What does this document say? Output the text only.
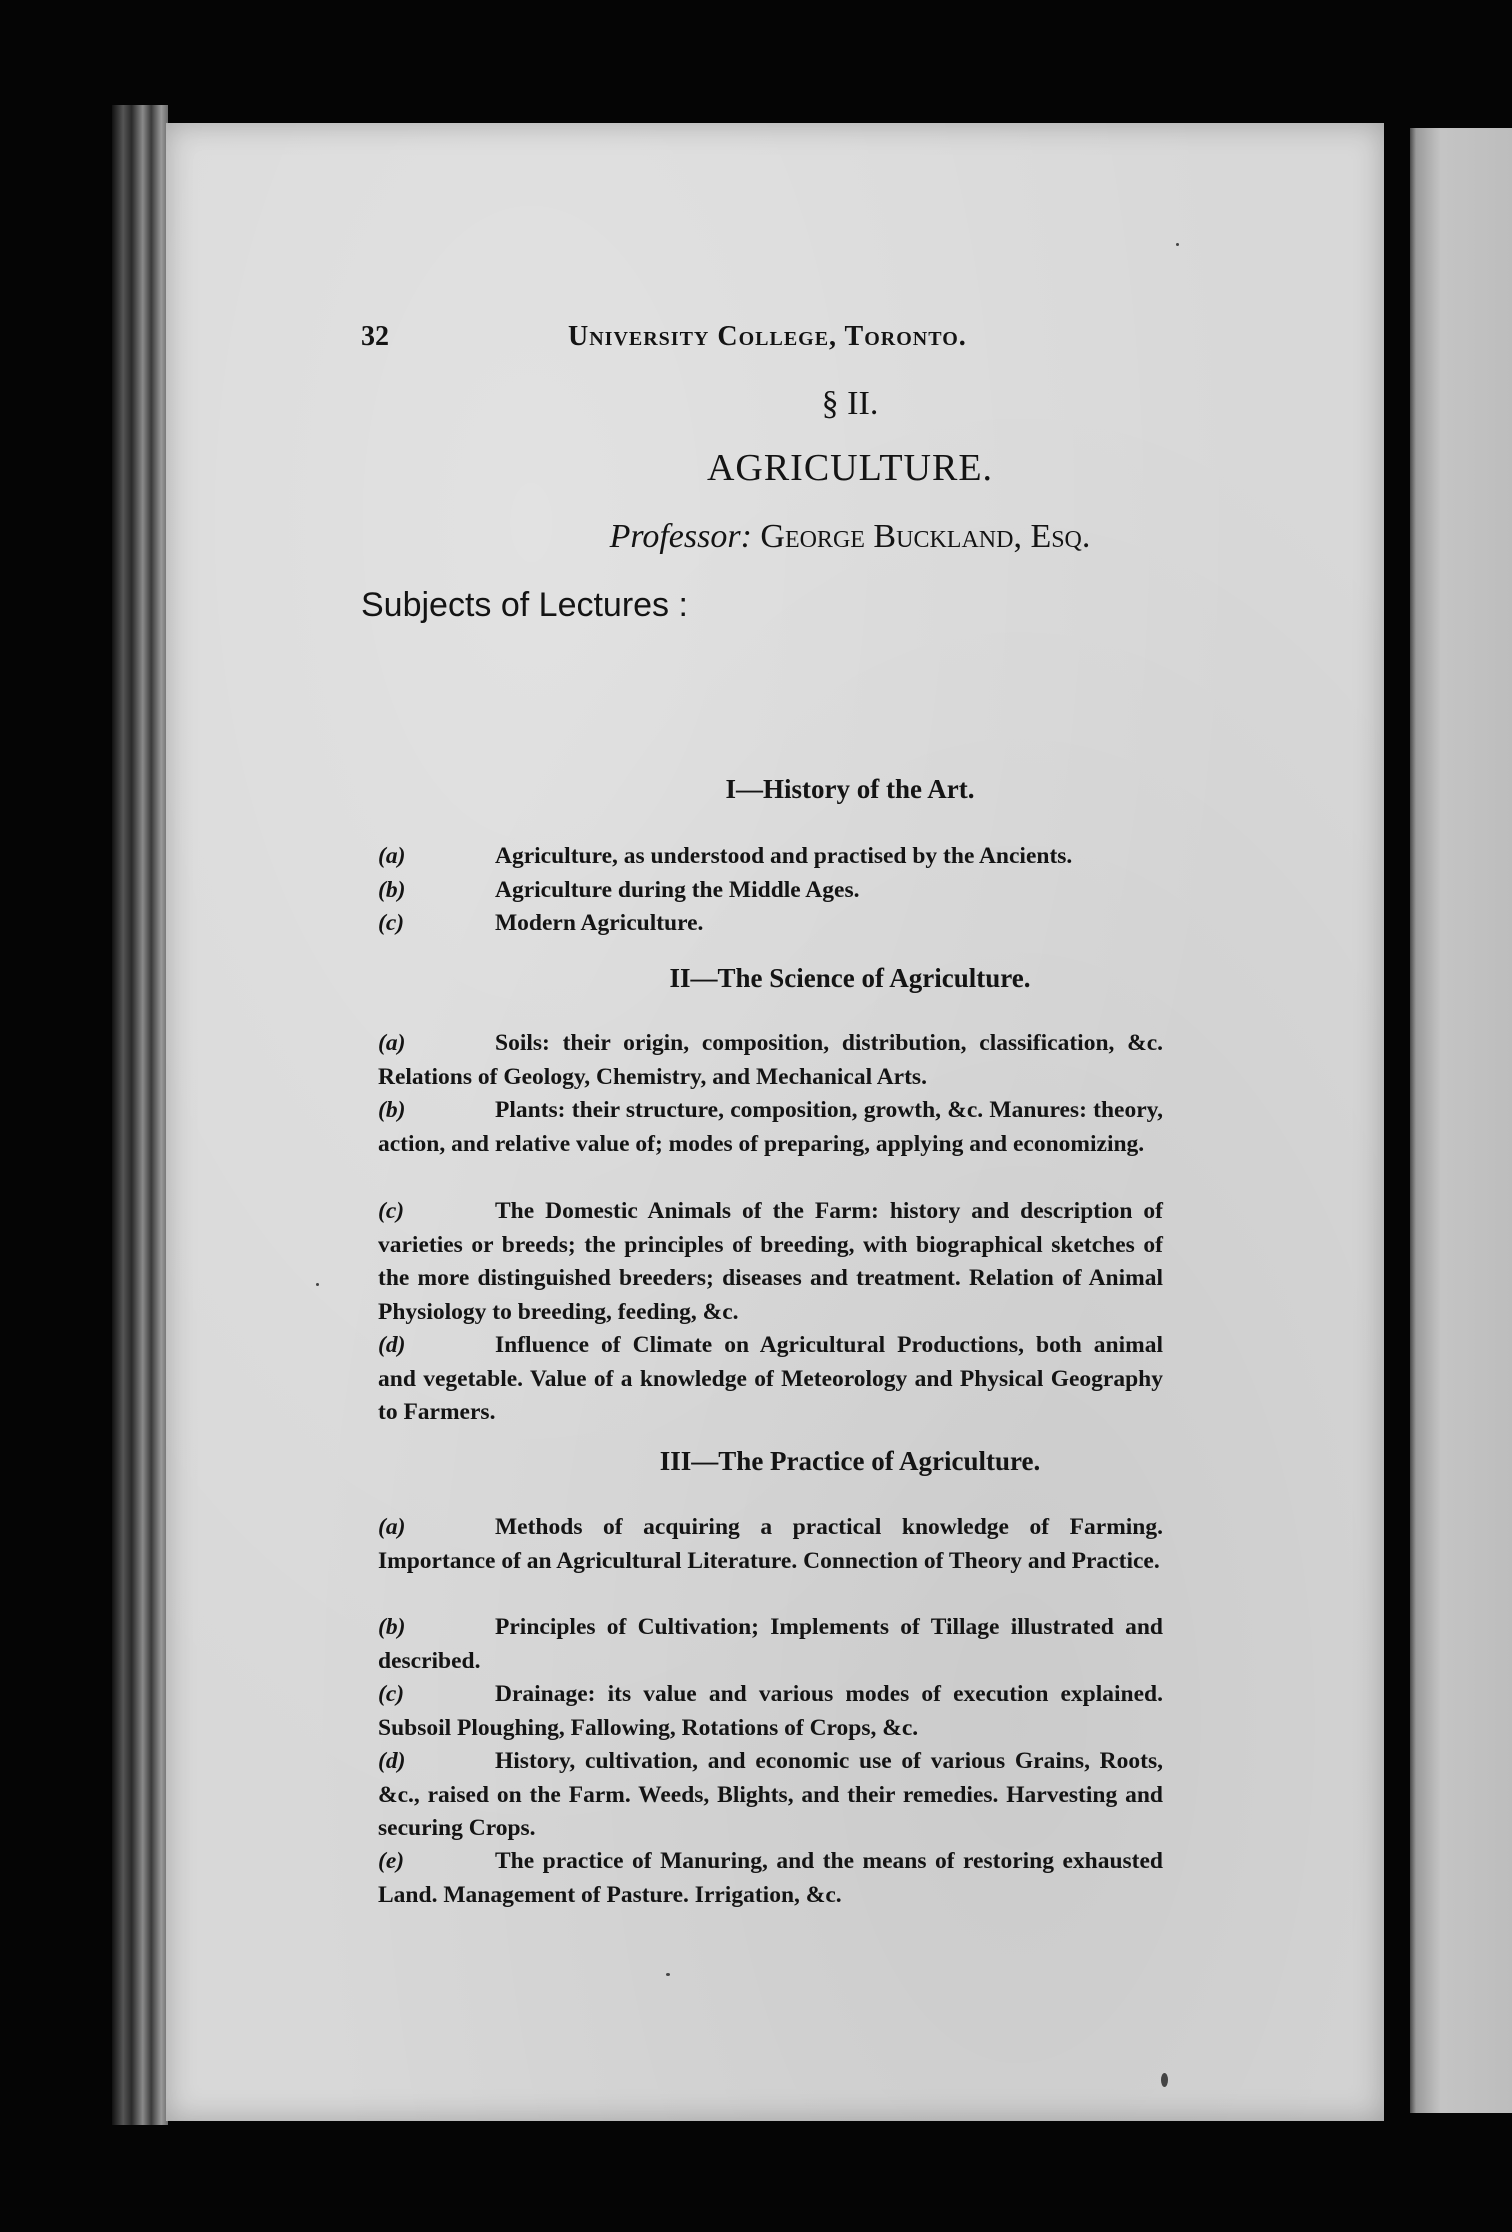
32	University College, Toronto.
§ II.
AGRICULTURE.
Professor: George Buckland, Esq.
Subjects of Lectures :
I—History of the Art.
(a)	Agriculture, as understood and practised by the Ancients.
(b)	Agriculture during the Middle Ages.
(c)	Modern Agriculture.
II—The Science of Agriculture.
(a)	Soils: their origin, composition, distribution, classification, &c. Relations of Geology, Chemistry, and Mechanical Arts.
(b)	Plants: their structure, composition, growth, &c. Manures: theory, action, and relative value of; modes of preparing, applying and economizing.
(c)	The Domestic Animals of the Farm: history and description of varieties or breeds; the principles of breeding, with biographical sketches of the more distinguished breeders; diseases and treatment. Relation of Animal Physiology to breeding, feeding, &c.
(d)	Influence of Climate on Agricultural Productions, both animal and vegetable. Value of a knowledge of Meteorology and Physical Geography to Farmers.
III—The Practice of Agriculture.
(a)	Methods of acquiring a practical knowledge of Farming. Importance of an Agricultural Literature. Connection of Theory and Practice.
(b)	Principles of Cultivation; Implements of Tillage illustrated and described.
(c)	Drainage: its value and various modes of execution explained. Subsoil Ploughing, Fallowing, Rotations of Crops, &c.
(d)	History, cultivation, and economic use of various Grains, Roots, &c., raised on the Farm. Weeds, Blights, and their remedies. Harvesting and securing Crops.
(e)	The practice of Manuring, and the means of restoring exhausted Land. Management of Pasture. Irrigation, &c.
